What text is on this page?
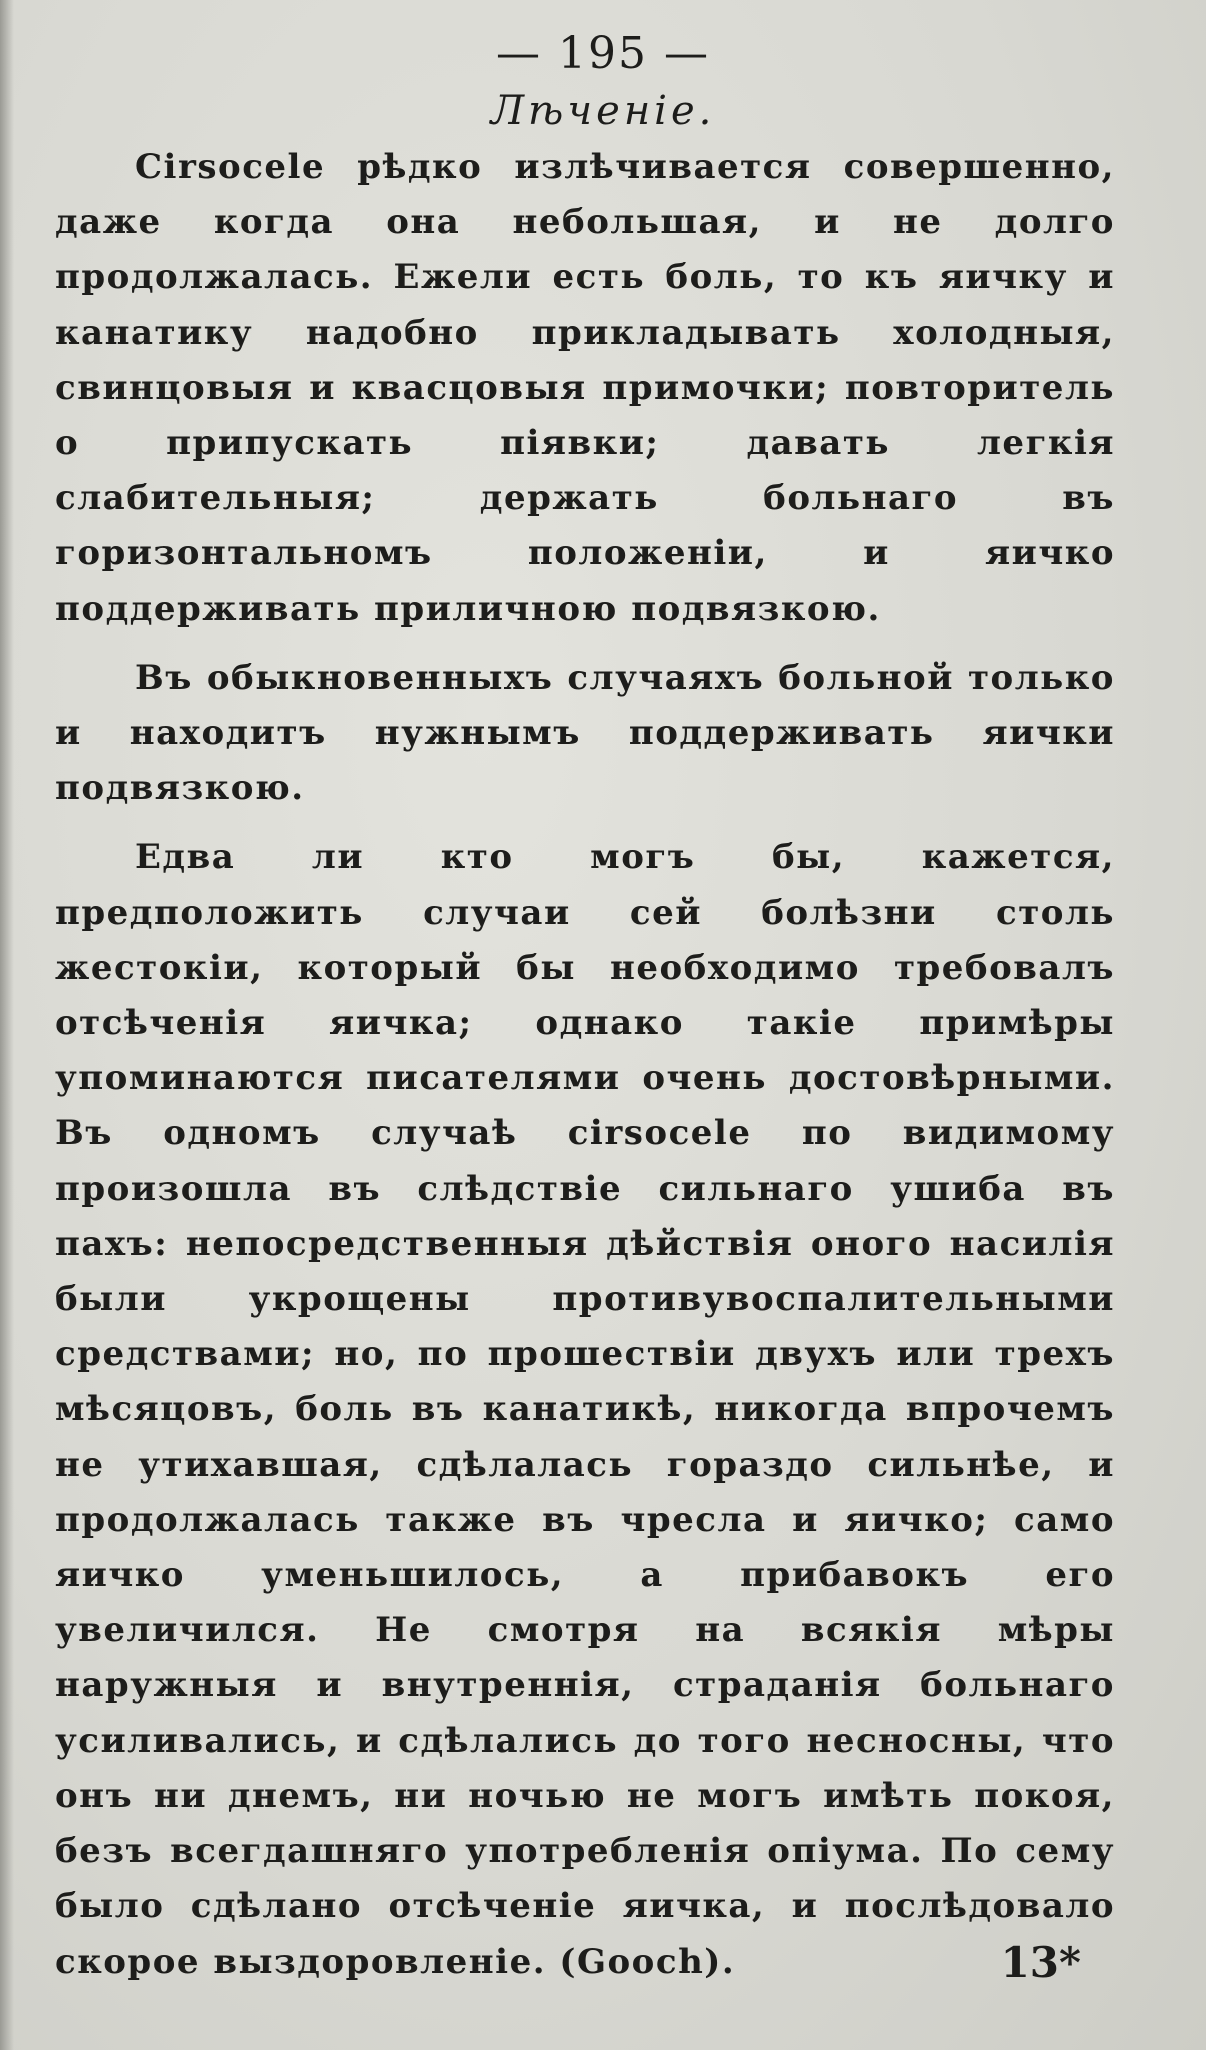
— 195 —
Лѣченіе.

Cirsocele рѣдко излѣчивается совершенно, даже когда она небольшая, и не долго продолжалась. Ежели есть боль, то къ яичку и канатику надобно прикладывать холодныя, свинцовыя и квасцовыя примочки; повторитель о припускать піявки; давать легкія слабительныя; держать больнаго въ горизонтальномъ положеніи, и яичко поддерживать приличною подвязкою.

Въ обыкновенныхъ случаяхъ больной только и находитъ нужнымъ поддерживать яички подвязкою.

Едва ли кто могъ бы, кажется, предположить случаи сей болѣзни столь жестокіи, который бы необходимо требовалъ отсѣченія яичка; однако такіе примѣры упоминаются писателями очень достовѣрными. Въ одномъ случаѣ cirsocele по видимому произошла въ слѣдствіе сильнаго ушиба въ пахъ: непосредственныя дѣйствія оного насилія были укрощены противувоспалительными средствами; но, по прошествіи двухъ или трехъ мѣсяцовъ, боль въ канатикѣ, никогда впрочемъ не утихавшая, сдѣлалась гораздо сильнѣе, и продолжалась также въ чресла и яичко; само яичко уменьшилось, а прибавокъ его увеличился. Не смотря на всякія мѣры наружныя и внутреннія, страданія больнаго усиливались, и сдѣлались до того несносны, что онъ ни днемъ, ни ночью не могъ имѣть покоя, безъ всегдашняго употребленія опіума. По сему было сдѣлано отсѣченіе яичка, и послѣдовало скорое выздоровленіе. (Gooch).	13*
